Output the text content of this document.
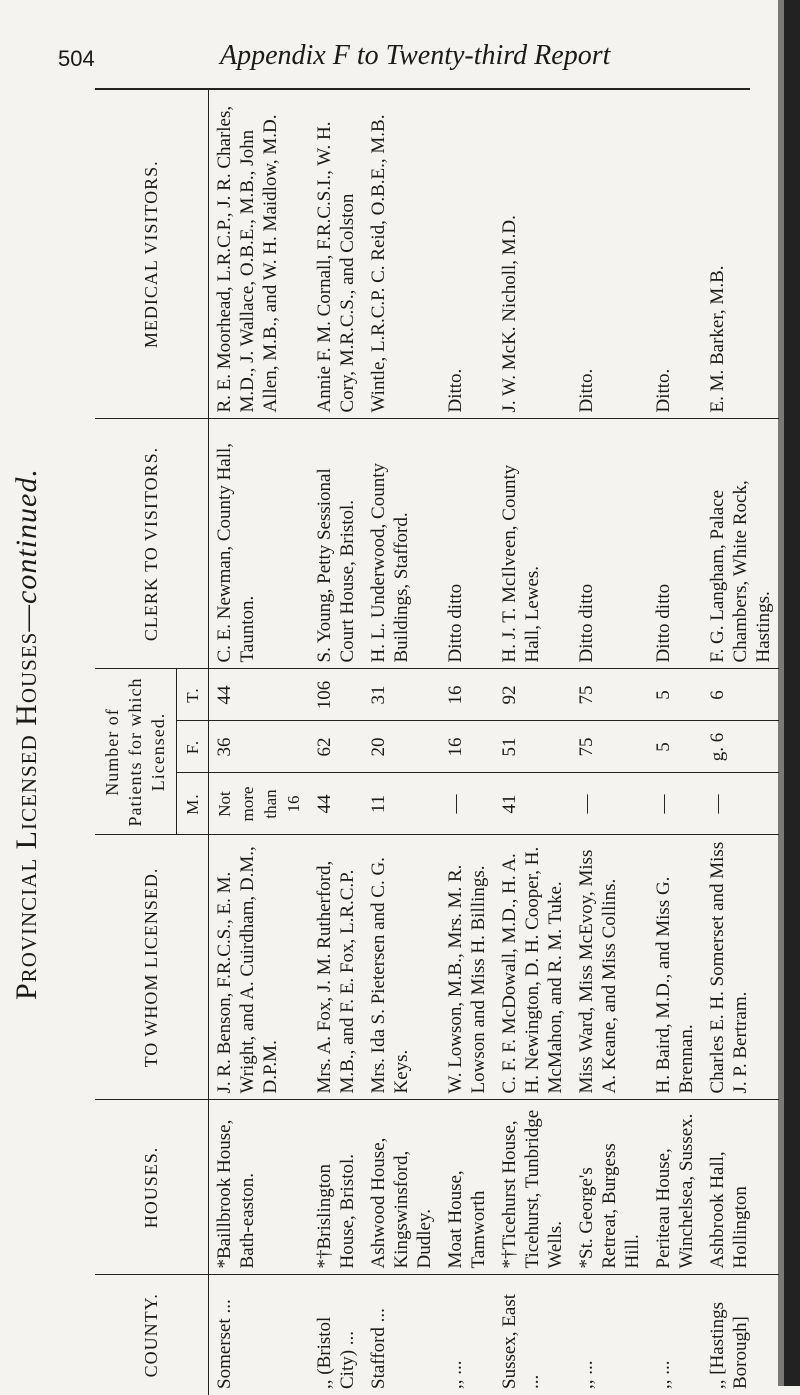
504	Appendix F to Twenty-third Report
Provincial Licensed Houses—continued.
COUNTY.	HOUSES.	TO WHOM LICENSED.	Number of Patients for which Licensed.			CLERK TO VISITORS.	MEDICAL VISITORS.
			M.	F.	T.		
Somerset ...	*Baillbrook House, Bath-easton.	J. R. Benson, F.R.C.S., E. M. Wright, and A. Cuirdham, D.M., D.P.M.	Not more than 16	36	44	C. E. Newman, County Hall, Taunton.	R. E. Moorhead, L.R.C.P., J. R. Charles, M.D., J. Wallace, O.B.E., M.B., John Allen, M.B., and W. H. Maidlow, M.D.
,, (Bristol City) ...	*†Brislington House, Bristol.	Mrs. A. Fox, J. M. Rutherford, M.B., and F. E. Fox, L.R.C.P.	44	62	106	S. Young, Petty Sessional Court House, Bristol.	Annie F. M. Cornall, F.R.C.S.I., W. H. Cory, M.R.C.S., and Colston
Stafford ...	Ashwood House, Kingswinsford, Dudley.	Mrs. Ida S. Pietersen and C. G. Keys.	11	20	31	H. L. Underwood, County Buildings, Stafford.	Wintle, L.R.C.P. C. Reid, O.B.E., M.B.
,, ...	Moat House, Tamworth	W. Lowson, M.B., Mrs. M. R. Lowson and Miss H. Billings.	—	16	16	Ditto ditto	Ditto.
Sussex, East ...	*†Ticehurst House, Ticehurst, Tunbridge Wells.	C. F. F. McDowall, M.D., H. A. H. Newington, D. H. Cooper, H. McMahon, and R. M. Tuke.	41	51	92	H. J. T. McIlveen, County Hall, Lewes.	J. W. McK. Nicholl, M.D.
,, ...	*St. George's Retreat, Burgess Hill.	Miss Ward, Miss McEvoy, Miss A. Keane, and Miss Collins.	—	75	75	Ditto ditto	Ditto.
,, ...	Periteau House, Winchelsea, Sussex.	H. Baird, M.D., and Miss G. Brennan.	—	5	5	Ditto ditto	Ditto.
,, [Hastings Borough]	Ashbrook Hall, Hollington	Charles E. H. Somerset and Miss J. P. Bertram.	—	g. 6	6	F. G. Langham, Palace Chambers, White Rock, Hastings.	E. M. Barker, M.B.
